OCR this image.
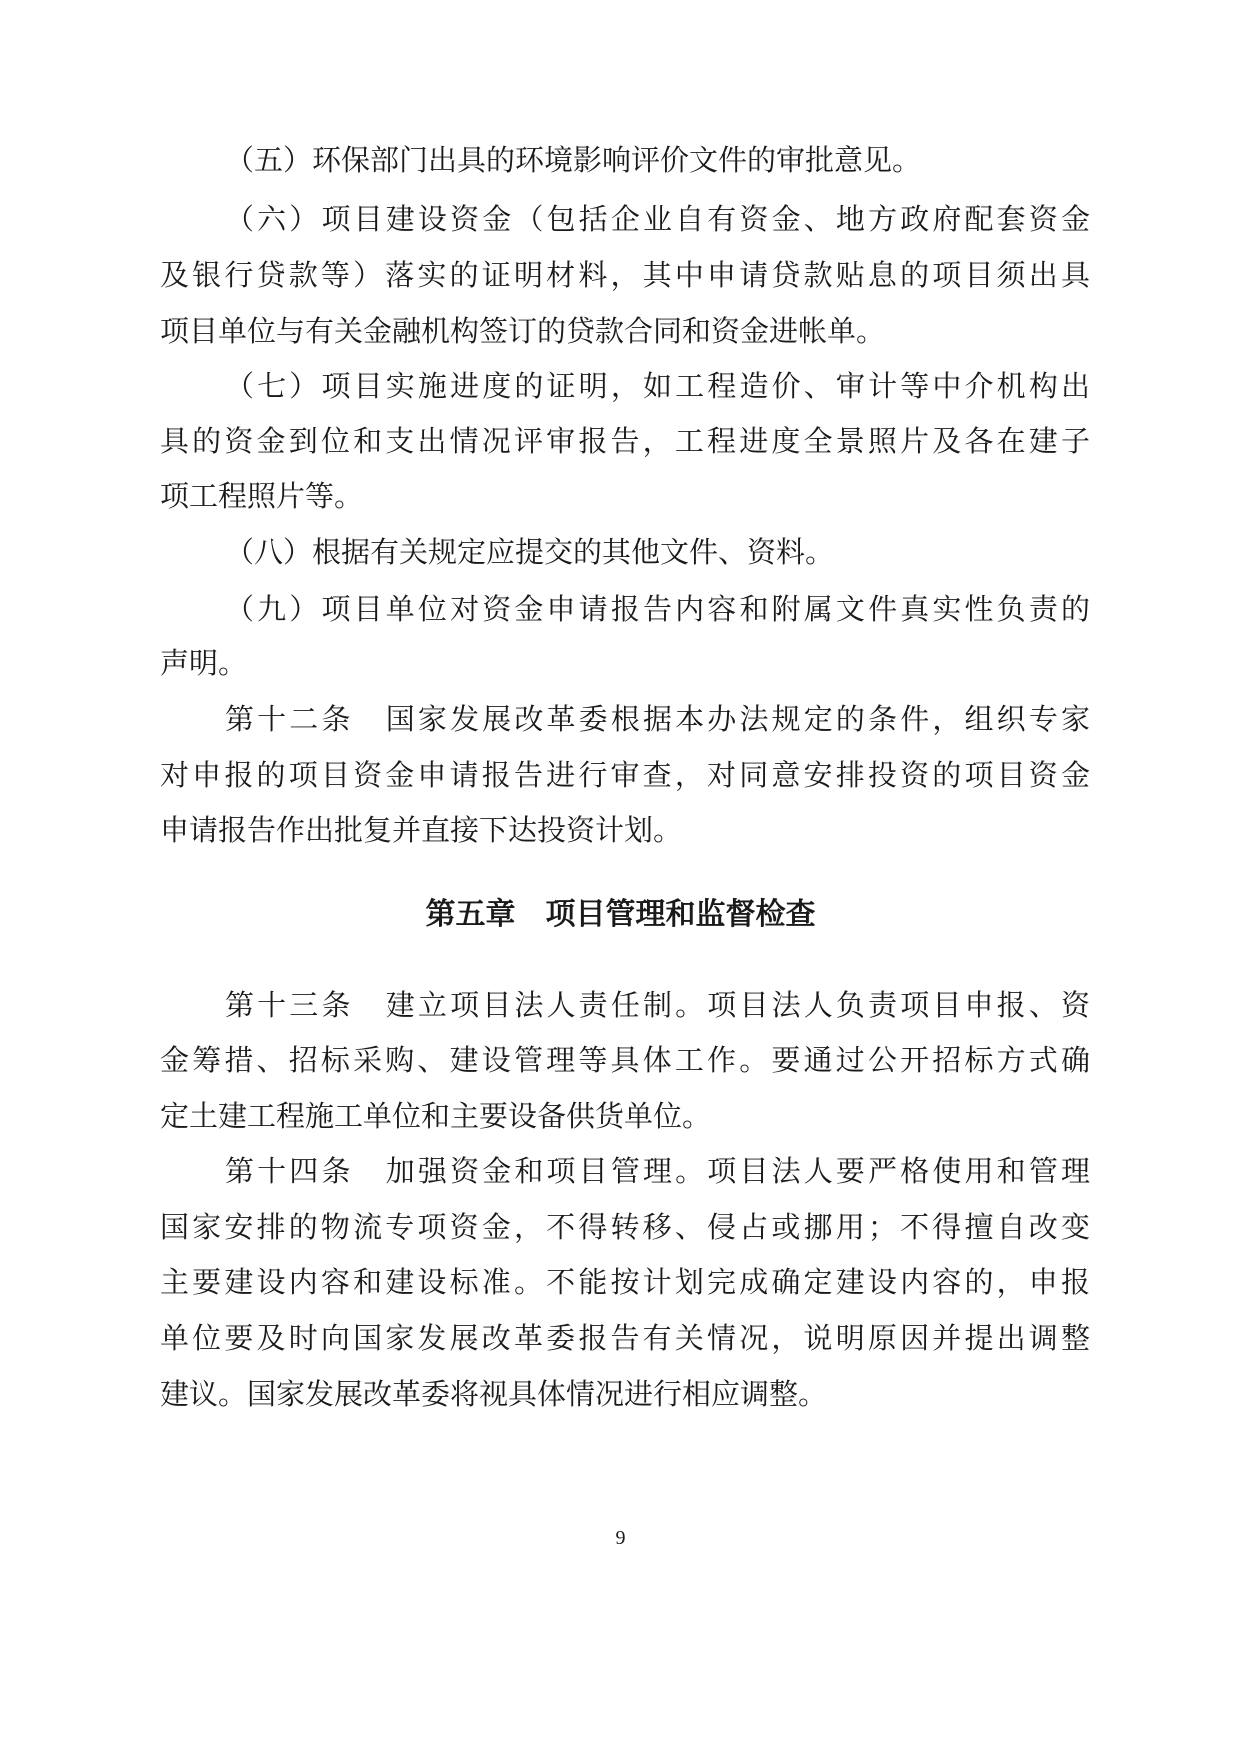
（五）环保部门出具的环境影响评价文件的审批意见。
（六）项目建设资金（包括企业自有资金、地方政府配套资金
及银行贷款等）落实的证明材料，其中申请贷款贴息的项目须出具
项目单位与有关金融机构签订的贷款合同和资金进帐单。
（七）项目实施进度的证明，如工程造价、审计等中介机构出
具的资金到位和支出情况评审报告，工程进度全景照片及各在建子
项工程照片等。
（八）根据有关规定应提交的其他文件、资料。
（九）项目单位对资金申请报告内容和附属文件真实性负责的
声明。
第十二条　国家发展改革委根据本办法规定的条件，组织专家
对申报的项目资金申请报告进行审查，对同意安排投资的项目资金
申请报告作出批复并直接下达投资计划。
第五章　项目管理和监督检查
第十三条　建立项目法人责任制。项目法人负责项目申报、资
金筹措、招标采购、建设管理等具体工作。要通过公开招标方式确
定土建工程施工单位和主要设备供货单位。
第十四条　加强资金和项目管理。项目法人要严格使用和管理
国家安排的物流专项资金，不得转移、侵占或挪用；不得擅自改变
主要建设内容和建设标准。不能按计划完成确定建设内容的，申报
单位要及时向国家发展改革委报告有关情况，说明原因并提出调整
建议。国家发展改革委将视具体情况进行相应调整。
9
